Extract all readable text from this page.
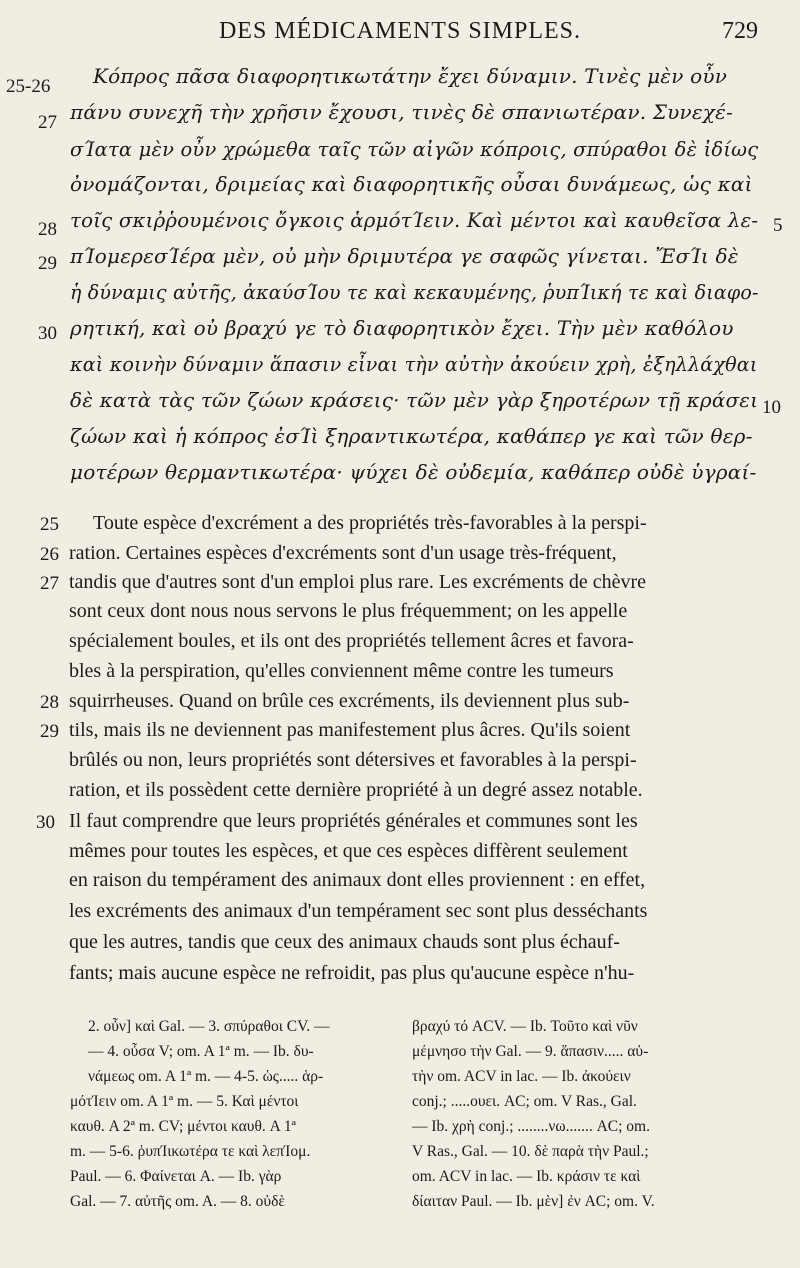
DES MÉDICAMENTS SIMPLES.	729
25-26
27
28
29
30
5
10
Κόπρος πᾶσα διαφορητικωτάτην ἔχει δύναμιν. Τινὲς μὲν οὖν
πάνυ συνεχῆ τὴν χρῆσιν ἔχουσι, τινὲς δὲ σπανιωτέραν. Συνεχέ-
σΊατα μὲν οὖν χρώμεθα ταῖς τῶν αἰγῶν κόπροις, σπύραθοι δὲ ἰδίως
ὀνομάζονται, δριμείας καὶ διαφορητικῆς οὖσαι δυνάμεως, ὡς καὶ
τοῖς σκιῤῥουμένοις ὄγκοις ἁρμότΊειν. Καὶ μέντοι καὶ καυθεῖσα λε-
πΊομερεσΊέρα μὲν, οὐ μὴν δριμυτέρα γε σαφῶς γίνεται. ἜσΊι δὲ
ἡ δύναμις αὐτῆς, ἀκαύσΊου τε καὶ κεκαυμένης, ῥυπΊική τε καὶ διαφο-
ρητική, καὶ οὐ βραχύ γε τὸ διαφορητικὸν ἔχει. Τὴν μὲν καθόλου
καὶ κοινὴν δύναμιν ἅπασιν εἶναι τὴν αὐτὴν ἀκούειν χρὴ, ἐξηλλάχθαι
δὲ κατὰ τὰς τῶν ζώων κράσεις· τῶν μὲν γὰρ ξηροτέρων τῇ κράσει
ζώων καὶ ἡ κόπρος ἐσΊὶ ξηραντικωτέρα, καθάπερ γε καὶ τῶν θερ-
μοτέρων θερμαντικωτέρα· ψύχει δὲ οὐδεμία, καθάπερ οὐδὲ ὑγραί-
25
26
27
28
29
30
Toute espèce d'excrément a des propriétés très-favorables à la perspi-
ration. Certaines espèces d'excréments sont d'un usage très-fréquent,
tandis que d'autres sont d'un emploi plus rare. Les excréments de chèvre
sont ceux dont nous nous servons le plus fréquemment; on les appelle
spécialement boules, et ils ont des propriétés tellement âcres et favora-
bles à la perspiration, qu'elles conviennent même contre les tumeurs
squirrheuses. Quand on brûle ces excréments, ils deviennent plus sub-
tils, mais ils ne deviennent pas manifestement plus âcres. Qu'ils soient
brûlés ou non, leurs propriétés sont détersives et favorables à la perspi-
ration, et ils possèdent cette dernière propriété à un degré assez notable.
Il faut comprendre que leurs propriétés générales et communes sont les
mêmes pour toutes les espèces, et que ces espèces diffèrent seulement
en raison du tempérament des animaux dont elles proviennent : en effet,
les excréments des animaux d'un tempérament sec sont plus desséchants
que les autres, tandis que ceux des animaux chauds sont plus échauf-
fants; mais aucune espèce ne refroidit, pas plus qu'aucune espèce n'hu-
2. οὖν] καὶ Gal. — 3. σπύραθοι CV. —
— 4. οὖσα V; om. A 1ª m. — Ib. δυ-
νάμεως om. A 1ª m. — 4-5. ὡς..... ἁρ-
μότΊειν om. A 1ª m. — 5. Καὶ μέντοι
καυθ. A 2ª m. CV; μέντοι καυθ. A 1ª
m. — 5-6. ῥυπΊικωτέρα τε καὶ λεπΊομ.
Paul. — 6. Φαίνεται A. — Ib. γὰρ
Gal. — 7. αὐτῆς om. A. — 8. οὐδὲ
βραχύ τό ACV. — Ib. Τοῦτο καὶ νῦν
μέμνησο τὴν Gal. — 9. ἅπασιν..... αὐ-
τὴν om. ACV in lac. — Ib. ἀκούειν
conj.; .....ουει. AC; om. V Ras., Gal.
— Ib. χρὴ conj.; ........νω....... AC; om.
V Ras., Gal. — 10. δὲ παρὰ τὴν Paul.;
om. ACV in lac. — Ib. κράσιν τε καὶ
δίαιταν Paul. — Ib. μὲν] ἐν AC; om. V.
